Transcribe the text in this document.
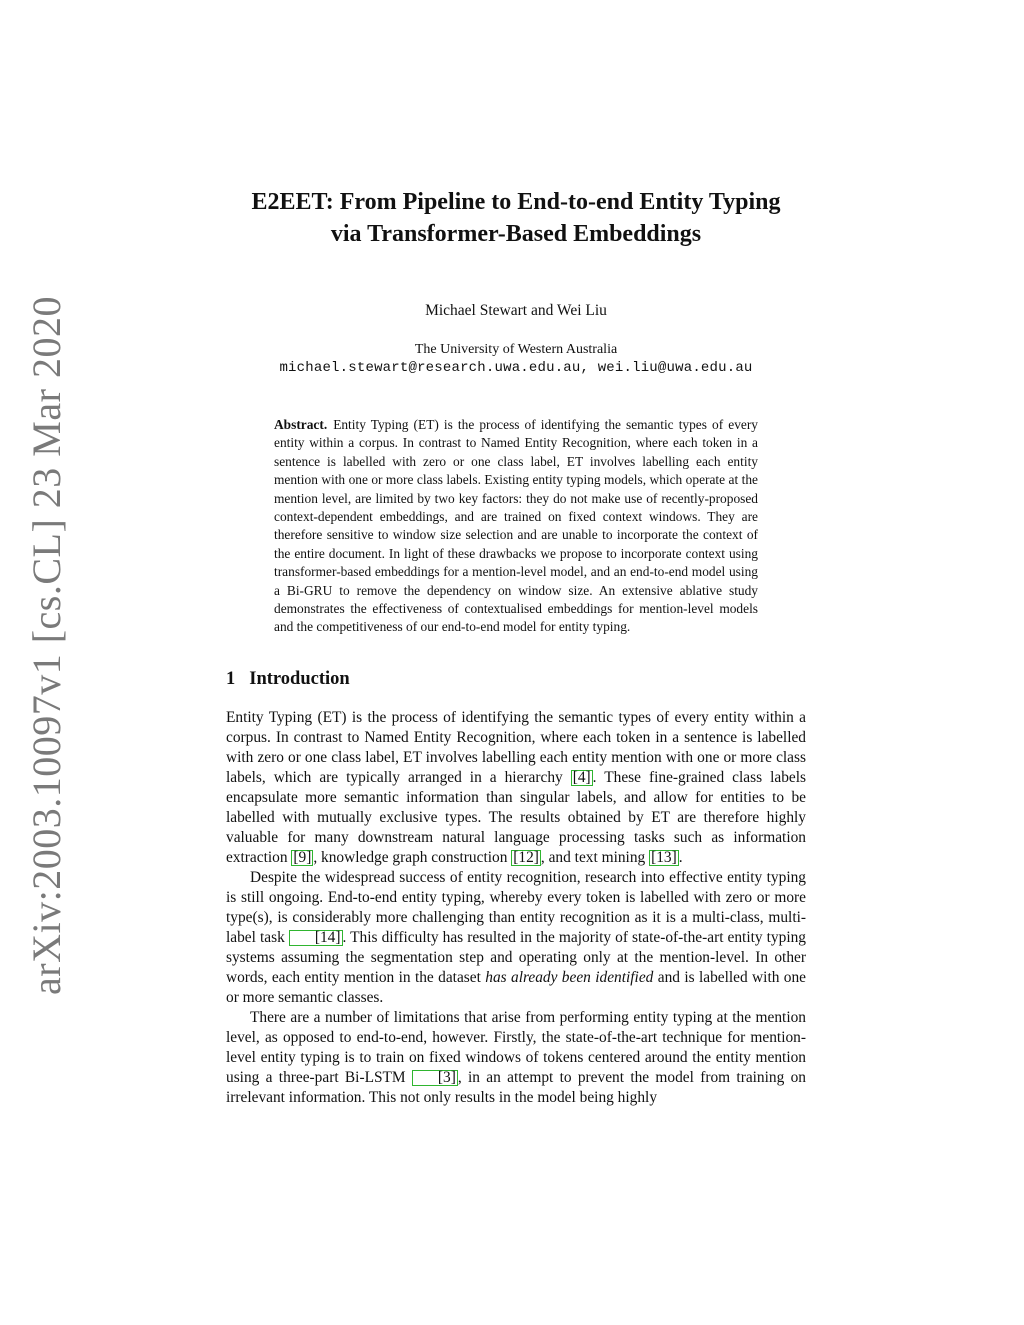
arXiv:2003.10097v1 [cs.CL] 23 Mar 2020
E2EET: From Pipeline to End-to-end Entity Typing
via Transformer-Based Embeddings
Michael Stewart and Wei Liu
The University of Western Australia
michael.stewart@research.uwa.edu.au, wei.liu@uwa.edu.au
Abstract. Entity Typing (ET) is the process of identifying the semantic types of every entity within a corpus. In contrast to Named Entity Recognition, where each token in a sentence is labelled with zero or one class label, ET involves labelling each entity mention with one or more class labels. Existing entity typing models, which operate at the mention level, are limited by two key factors: they do not make use of recently-proposed context-dependent embeddings, and are trained on fixed context windows. They are therefore sensitive to window size selection and are unable to incorporate the context of the entire document. In light of these drawbacks we propose to incorporate context using transformer-based embeddings for a mention-level model, and an end-to-end model using a Bi-GRU to remove the dependency on window size. An extensive ablative study demonstrates the effectiveness of contextualised embeddings for mention-level models and the competitiveness of our end-to-end model for entity typing.
1 Introduction

Entity Typing (ET) is the process of identifying the semantic types of every entity within a corpus. In contrast to Named Entity Recognition, where each token in a sentence is labelled with zero or one class label, ET involves labelling each entity mention with one or more class labels, which are typically arranged in a hierarchy [4] . These fine-grained class labels encapsulate more semantic information than singular labels, and allow for entities to be labelled with mutually exclusive types. The results obtained by ET are therefore highly valuable for many downstream natural language processing tasks such as information extraction [9] , knowledge graph construction [12] , and text mining [13] .

Despite the widespread success of entity recognition, research into effective entity typing is still ongoing. End-to-end entity typing, whereby every token is labelled with zero or more type(s), is considerably more challenging than entity recognition as it is a multi-class, multi-label task [14] . This difficulty has resulted in the majority of state-of-the-art entity typing systems assuming the segmentation step and operating only at the mention-level. In other words, each entity mention in the dataset has already been identified and is labelled with one or more semantic classes.

There are a number of limitations that arise from performing entity typing at the mention level, as opposed to end-to-end, however. Firstly, the state-of-the-art technique for mention-level entity typing is to train on fixed windows of tokens centered around the entity mention using a three-part Bi-LSTM [3] , in an attempt to prevent the model from training on irrelevant information. This not only results in the model being highly
